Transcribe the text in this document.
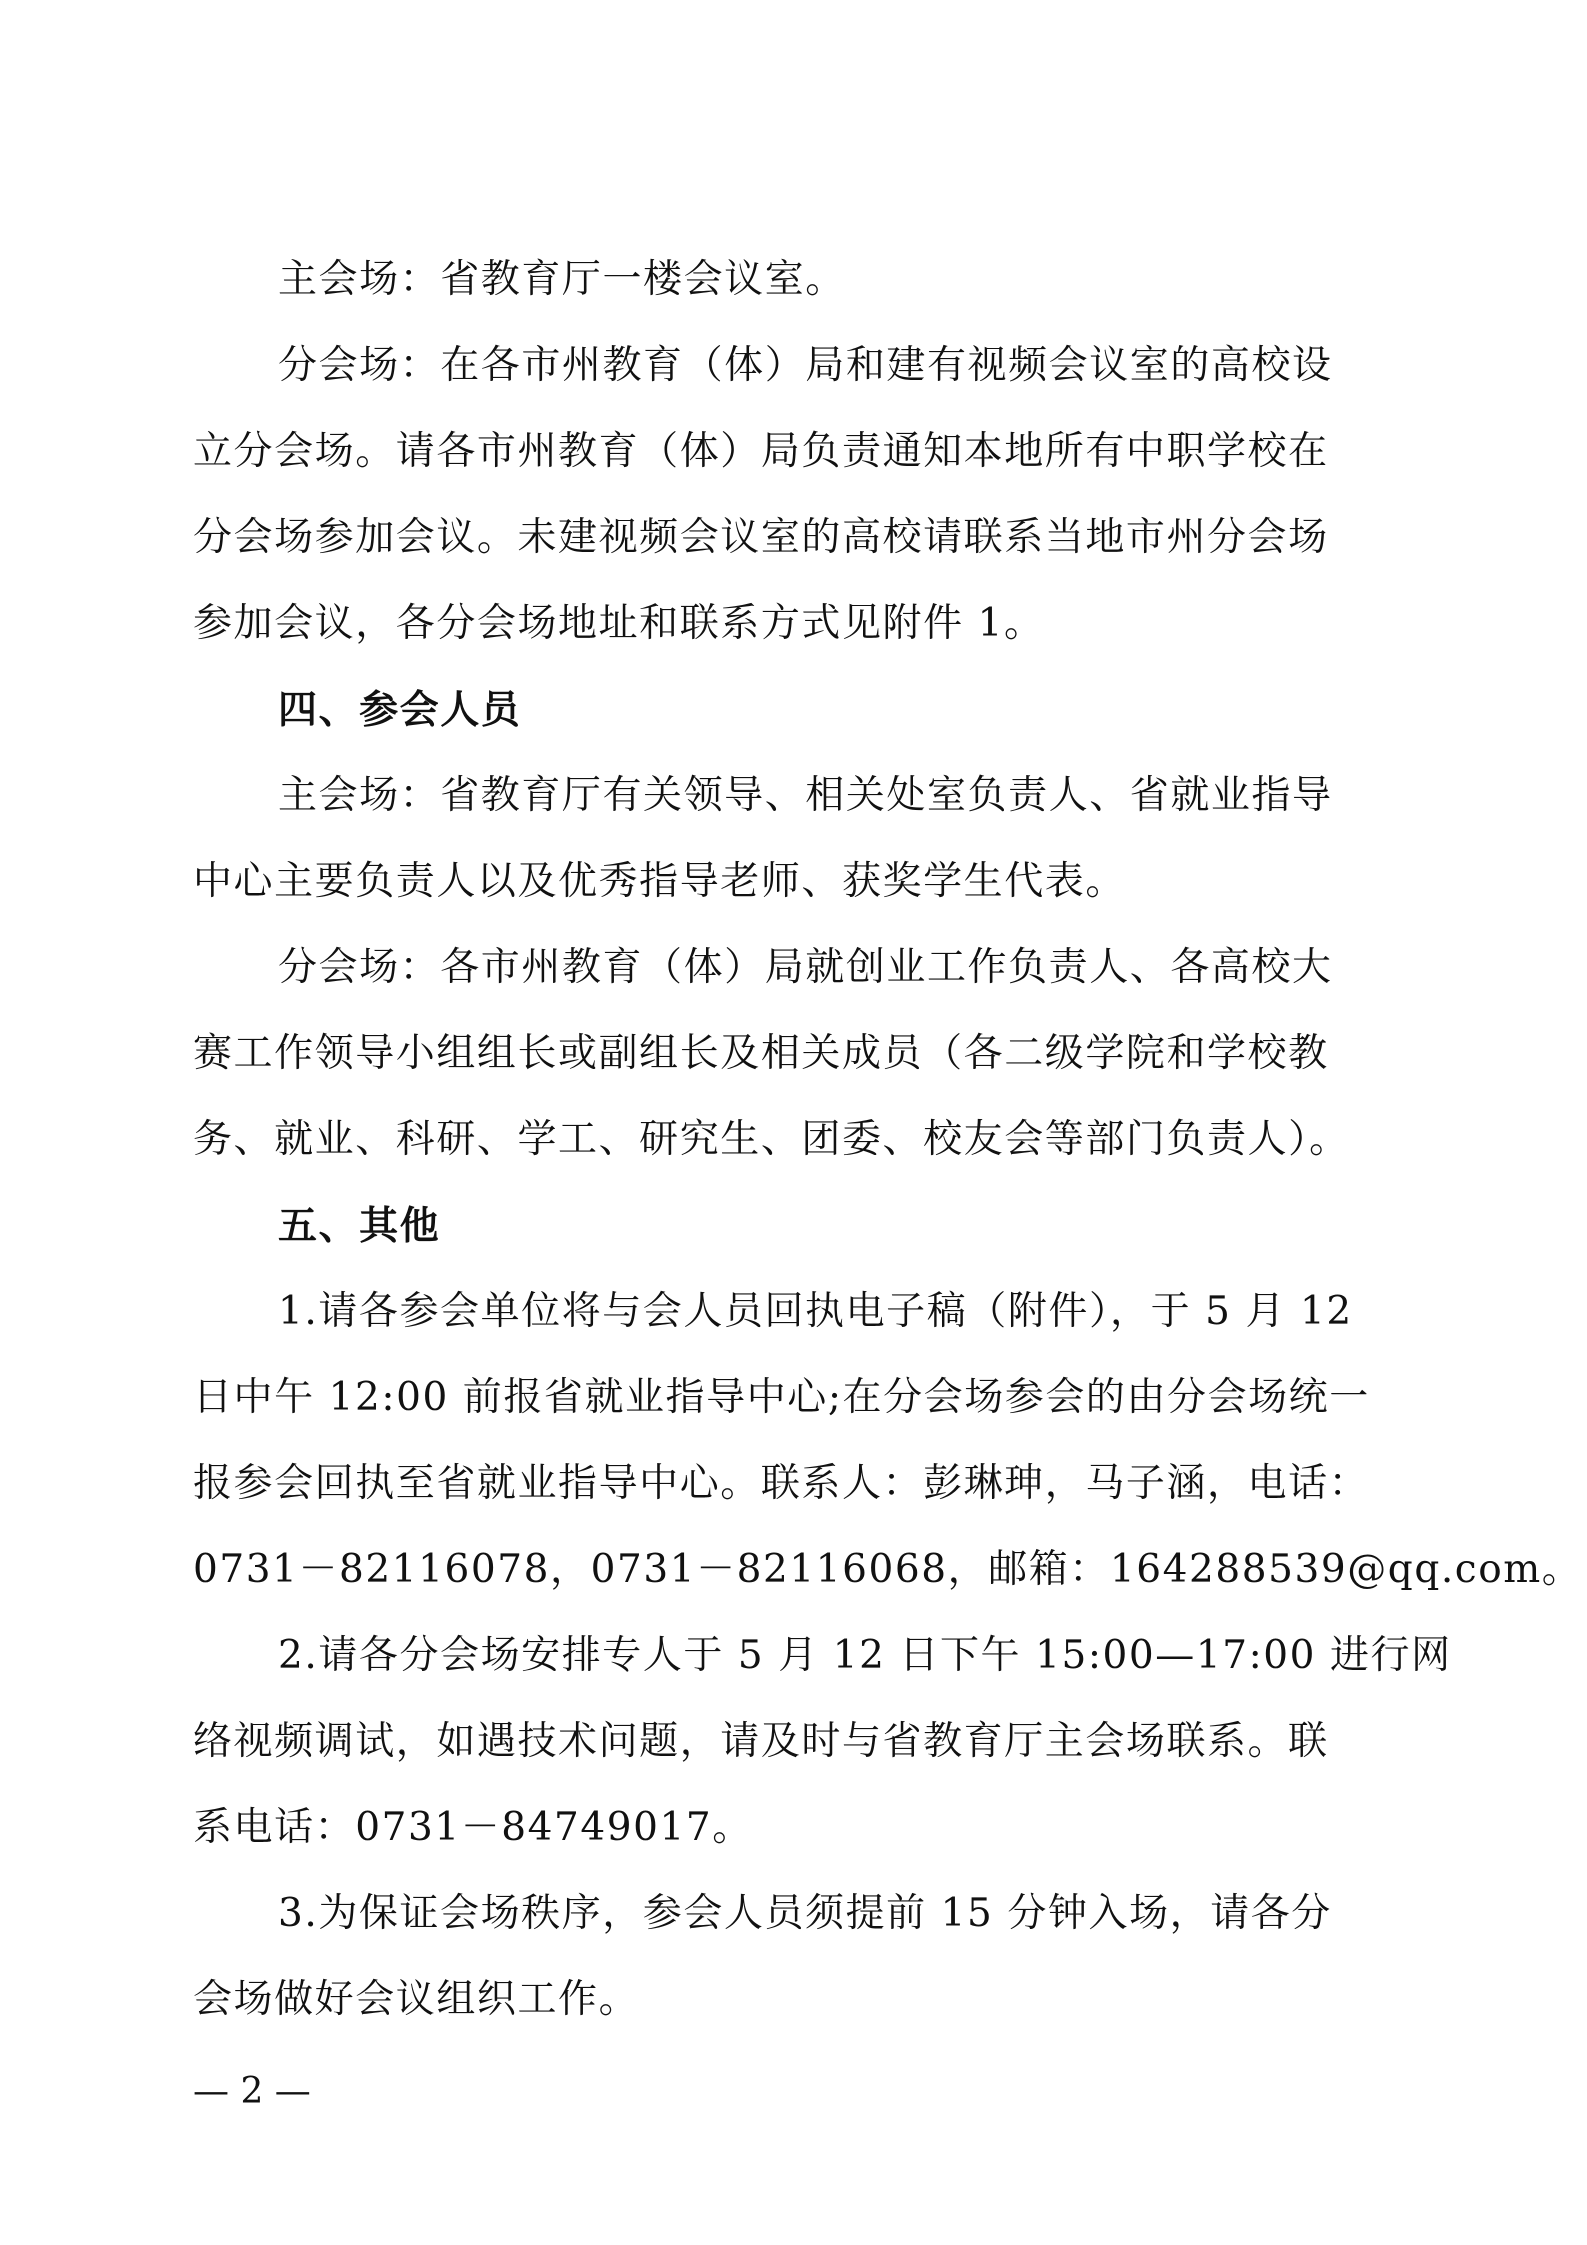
主会场：省教育厅一楼会议室。
分会场：在各市州教育（体）局和建有视频会议室的高校设
立分会场。请各市州教育（体）局负责通知本地所有中职学校在
分会场参加会议。未建视频会议室的高校请联系当地市州分会场
参加会议，各分会场地址和联系方式见附件 1。
四、参会人员
主会场：省教育厅有关领导、相关处室负责人、省就业指导
中心主要负责人以及优秀指导老师、获奖学生代表。
分会场：各市州教育（体）局就创业工作负责人、各高校大
赛工作领导小组组长或副组长及相关成员（各二级学院和学校教
务、就业、科研、学工、研究生、团委、校友会等部门负责人）。
五、其他
1.请各参会单位将与会人员回执电子稿（附件），于 5 月 12
日中午 12:00 前报省就业指导中心;在分会场参会的由分会场统一
报参会回执至省就业指导中心。联系人：彭琳珅，马子涵，电话：
0731－82116078，0731－82116068，邮箱：164288539@qq.com。
2.请各分会场安排专人于 5 月 12 日下午 15:00—17:00 进行网
络视频调试，如遇技术问题，请及时与省教育厅主会场联系。联
系电话：0731－84749017。
3.为保证会场秩序，参会人员须提前 15 分钟入场，请各分
会场做好会议组织工作。
— 2 —
